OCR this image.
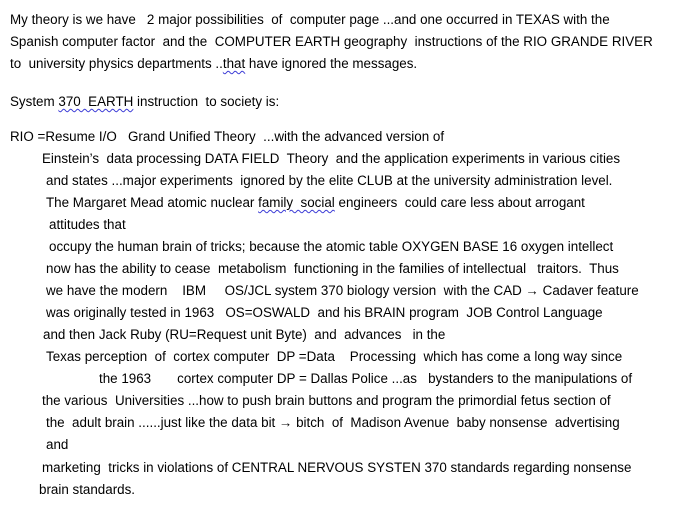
My theory is we have   2 major possibilities  of  computer page ...and one occurred in TEXAS with the
Spanish computer factor  and the  COMPUTER EARTH geography  instructions of the RIO GRANDE RIVER
to  university physics departments ..that have ignored the messages.
System 370  EARTH instruction  to society is:
RIO =Resume I/O   Grand Unified Theory  ...with the advanced version of
Einstein’s  data processing DATA FIELD  Theory  and the application experiments in various cities
and states ...major experiments  ignored by the elite CLUB at the university administration level.
The Margaret Mead atomic nuclear family  social engineers  could care less about arrogant
attitudes that
occupy the human brain of tricks; because the atomic table OXYGEN BASE 16 oxygen intellect
now has the ability to cease  metabolism  functioning in the families of intellectual   traitors.  Thus
we have the modern    IBM     OS/JCL system 370 biology version  with the CAD → Cadaver feature
was originally tested in 1963   OS=OSWALD  and his BRAIN program  JOB Control Language
and then Jack Ruby (RU=Request unit Byte)  and  advances   in the
Texas perception  of  cortex computer  DP =Data    Processing  which has come a long way since
the 1963       cortex computer DP = Dallas Police ...as   bystanders to the manipulations of
the various  Universities ...how to push brain buttons and program the primordial fetus section of
the  adult brain ......just like the data bit → bitch  of  Madison Avenue  baby nonsense  advertising
and
marketing  tricks in violations of CENTRAL NERVOUS SYSTEN 370 standards regarding nonsense
brain standards.
